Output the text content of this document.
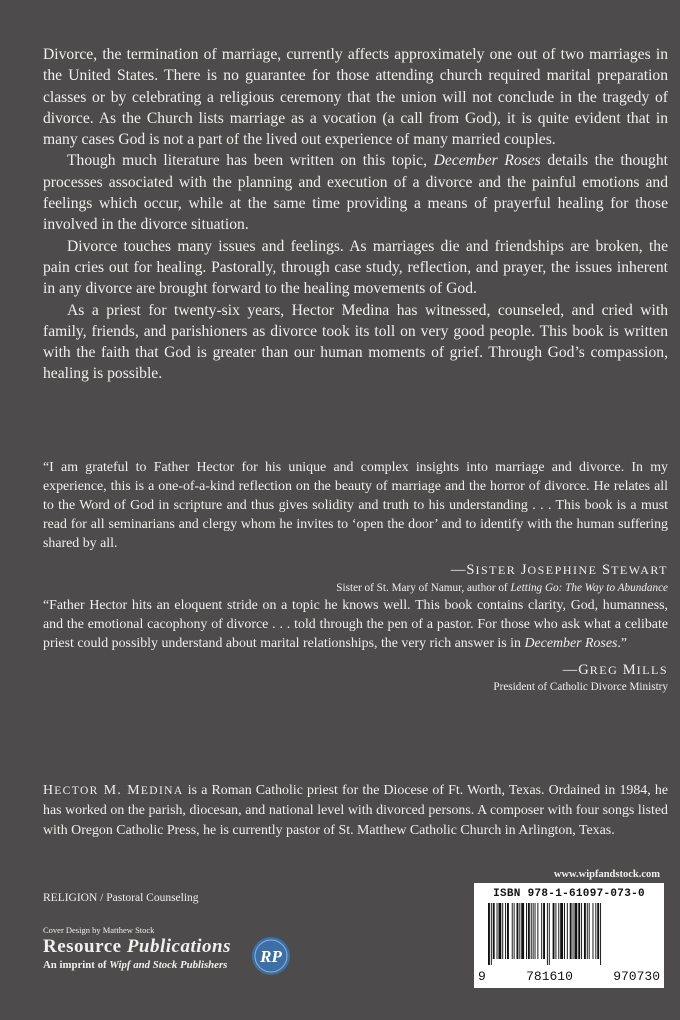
Divorce, the termination of marriage, currently affects approximately one out of two marriages in the United States. There is no guarantee for those attending church required marital preparation classes or by celebrating a religious ceremony that the union will not conclude in the tragedy of divorce. As the Church lists marriage as a vocation (a call from God), it is quite evident that in many cases God is not a part of the lived out experience of many married couples.

Though much literature has been written on this topic, December Roses details the thought processes associated with the planning and execution of a divorce and the painful emotions and feelings which occur, while at the same time providing a means of prayerful healing for those involved in the divorce situation.

Divorce touches many issues and feelings. As marriages die and friendships are broken, the pain cries out for healing. Pastorally, through case study, reflection, and prayer, the issues inherent in any divorce are brought forward to the healing movements of God.

As a priest for twenty-six years, Hector Medina has witnessed, counseled, and cried with family, friends, and parishioners as divorce took its toll on very good people. This book is written with the faith that God is greater than our human moments of grief. Through God’s compassion, healing is possible.

“I am grateful to Father Hector for his unique and complex insights into marriage and divorce. In my experience, this is a one-of-a-kind reflection on the beauty of marriage and the horror of divorce. He relates all to the Word of God in scripture and thus gives solidity and truth to his understanding . . . This book is a must read for all seminarians and clergy whom he invites to ‘open the door’ and to identify with the human suffering shared by all.

—SISTER JOSEPHINE STEWART
Sister of St. Mary of Namur, author of Letting Go: The Way to Abundance

“Father Hector hits an eloquent stride on a topic he knows well. This book contains clarity, God, humanness, and the emotional cacophony of divorce . . . told through the pen of a pastor. For those who ask what a celibate priest could possibly understand about marital relationships, the very rich answer is in December Roses.”

—GREG MILLS
President of Catholic Divorce Ministry
HECTOR M. MEDINA is a Roman Catholic priest for the Diocese of Ft. Worth, Texas. Ordained in 1984, he has worked on the parish, diocesan, and national level with divorced persons. A composer with four songs listed with Oregon Catholic Press, he is currently pastor of St. Matthew Catholic Church in Arlington, Texas.
www.wipfandstock.com
ISBN 978-1-61097-073-0
9	781610	970730
RELIGION / Pastoral Counseling
Cover Design by Matthew Stock
Resource Publications
An imprint of Wipf and Stock Publishers RP
